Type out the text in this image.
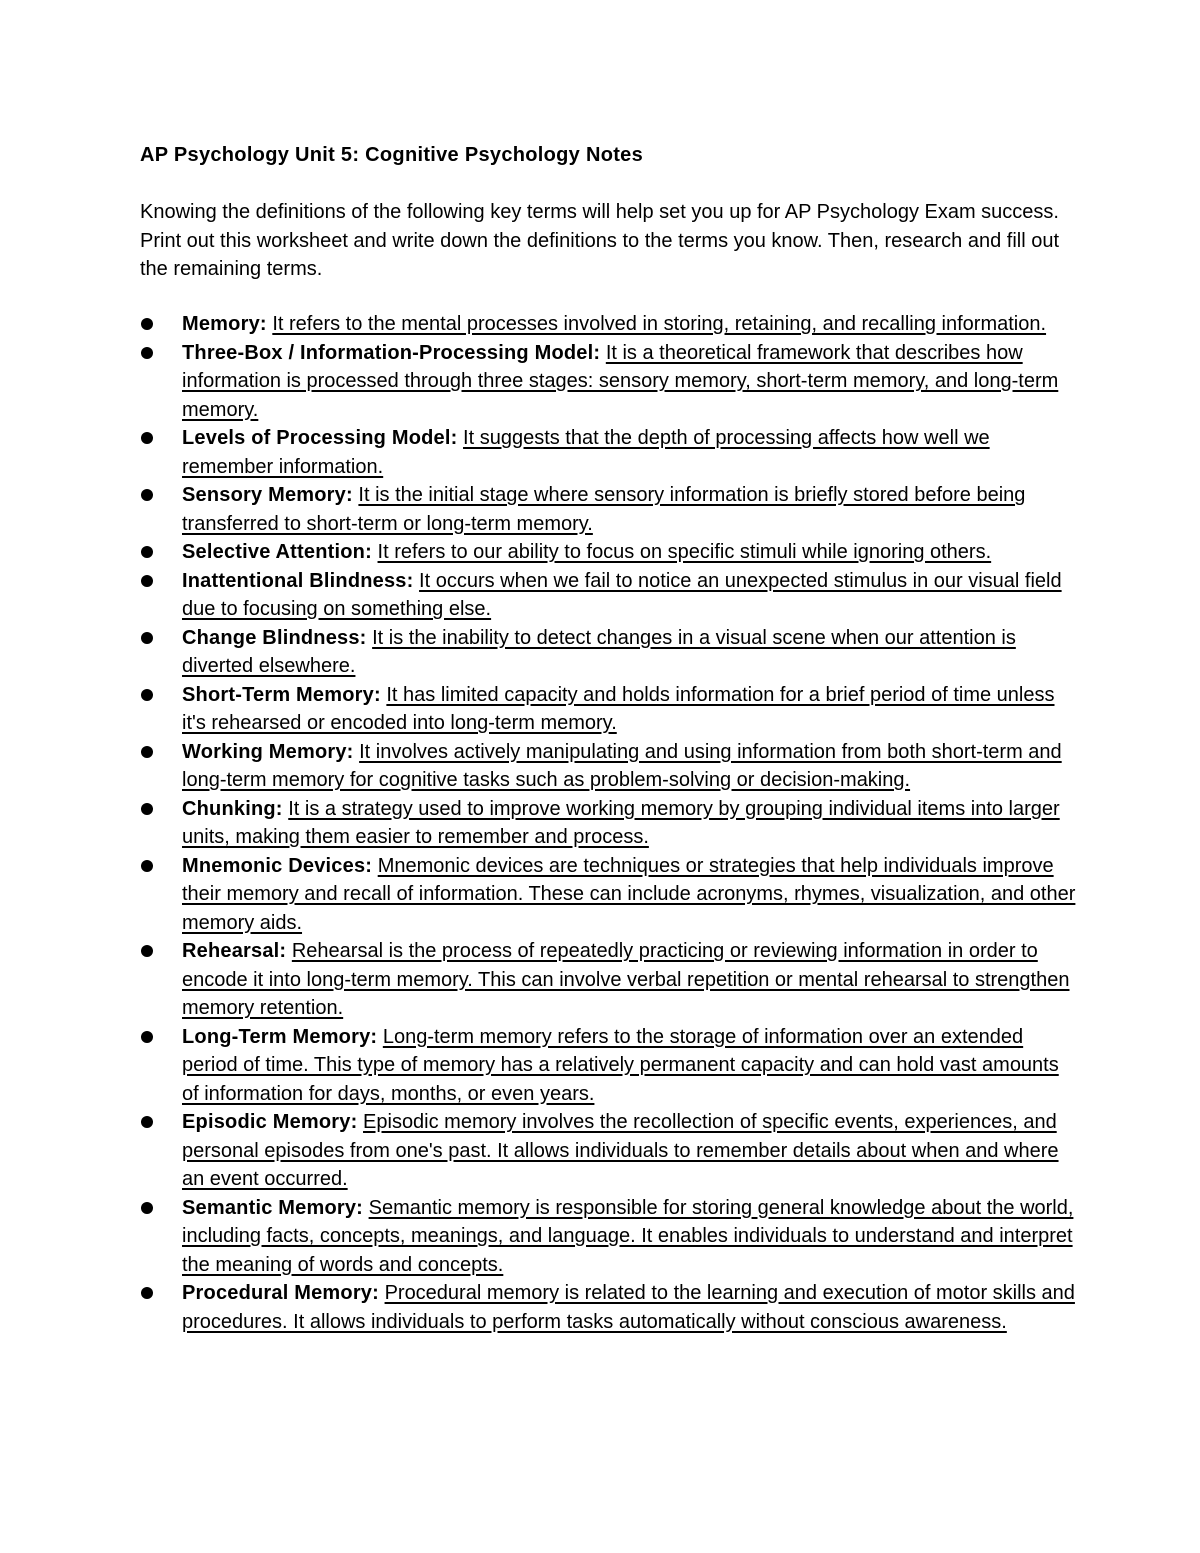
AP Psychology Unit 5: Cognitive Psychology Notes

Knowing the definitions of the following key terms will help set you up for AP Psychology Exam success. Print out this worksheet and write down the definitions to the terms you know. Then, research and fill out the remaining terms.

Memory: It refers to the mental processes involved in storing, retaining, and recalling information.
Three-Box / Information-Processing Model: It is a theoretical framework that describes how information is processed through three stages: sensory memory, short-term memory, and long-term memory.
Levels of Processing Model: It suggests that the depth of processing affects how well we remember information.
Sensory Memory: It is the initial stage where sensory information is briefly stored before being transferred to short-term or long-term memory.
Selective Attention: It refers to our ability to focus on specific stimuli while ignoring others.
Inattentional Blindness: It occurs when we fail to notice an unexpected stimulus in our visual field due to focusing on something else.
Change Blindness: It is the inability to detect changes in a visual scene when our attention is diverted elsewhere.
Short-Term Memory: It has limited capacity and holds information for a brief period of time unless it's rehearsed or encoded into long-term memory.
Working Memory: It involves actively manipulating and using information from both short-term and long-term memory for cognitive tasks such as problem-solving or decision-making.
Chunking: It is a strategy used to improve working memory by grouping individual items into larger units, making them easier to remember and process.
Mnemonic Devices: Mnemonic devices are techniques or strategies that help individuals improve their memory and recall of information. These can include acronyms, rhymes, visualization, and other memory aids.
Rehearsal: Rehearsal is the process of repeatedly practicing or reviewing information in order to encode it into long-term memory. This can involve verbal repetition or mental rehearsal to strengthen memory retention.
Long-Term Memory: Long-term memory refers to the storage of information over an extended period of time. This type of memory has a relatively permanent capacity and can hold vast amounts of information for days, months, or even years.
Episodic Memory: Episodic memory involves the recollection of specific events, experiences, and personal episodes from one's past. It allows individuals to remember details about when and where an event occurred.
Semantic Memory: Semantic memory is responsible for storing general knowledge about the world, including facts, concepts, meanings, and language. It enables individuals to understand and interpret the meaning of words and concepts.
Procedural Memory: Procedural memory is related to the learning and execution of motor skills and procedures. It allows individuals to perform tasks automatically without conscious awareness.
